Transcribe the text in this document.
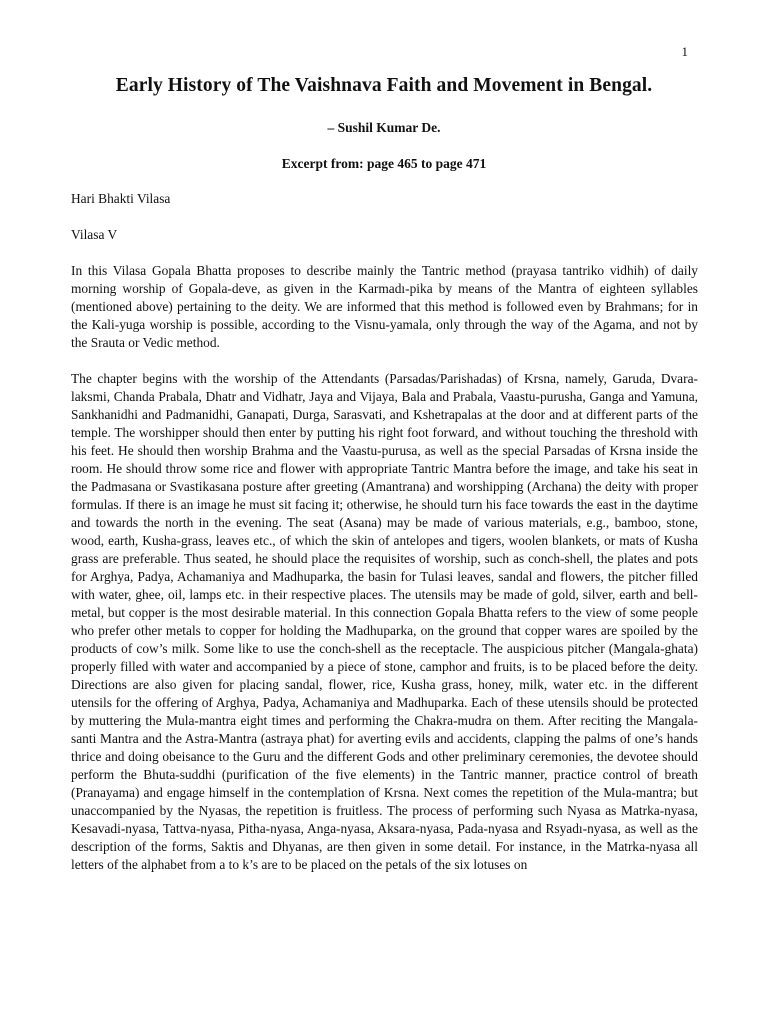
1
Early History of The Vaishnava Faith and Movement in Bengal.
– Sushil Kumar De.
Excerpt from: page 465 to page 471

Hari Bhakti Vilasa

Vilasa V

In this Vilasa Gopala Bhatta proposes to describe mainly the Tantric method (prayasa tantriko vidhih) of daily morning worship of Gopala-deve, as given in the Karmadı-pika by means of the Mantra of eighteen syllables (mentioned above) pertaining to the deity. We are informed that this method is followed even by Brahmans; for in the Kali-yuga worship is possible, according to the Visnu-yamala, only through the way of the Agama, and not by the Srauta or Vedic method.

The chapter begins with the worship of the Attendants (Parsadas/Parishadas) of Krsna, namely, Garuda, Dvara-laksmi, Chanda Prabala, Dhatr and Vidhatr, Jaya and Vijaya, Bala and Prabala, Vaastu-purusha, Ganga and Yamuna, Sankhanidhi and Padmanidhi, Ganapati, Durga, Sarasvati, and Kshetrapalas at the door and at different parts of the temple. The worshipper should then enter by putting his right foot forward, and without touching the threshold with his feet. He should then worship Brahma and the Vaastu-purusa, as well as the special Parsadas of Krsna inside the room. He should throw some rice and flower with appropriate Tantric Mantra before the image, and take his seat in the Padmasana or Svastikasana posture after greeting (Amantrana) and worshipping (Archana) the deity with proper formulas. If there is an image he must sit facing it; otherwise, he should turn his face towards the east in the daytime and towards the north in the evening. The seat (Asana) may be made of various materials, e.g., bamboo, stone, wood, earth, Kusha-grass, leaves etc., of which the skin of antelopes and tigers, woolen blankets, or mats of Kusha grass are preferable. Thus seated, he should place the requisites of worship, such as conch-shell, the plates and pots for Arghya, Padya, Achamaniya and Madhuparka, the basin for Tulasi leaves, sandal and flowers, the pitcher filled with water, ghee, oil, lamps etc. in their respective places. The utensils may be made of gold, silver, earth and bell-metal, but copper is the most desirable material. In this connection Gopala Bhatta refers to the view of some people who prefer other metals to copper for holding the Madhuparka, on the ground that copper wares are spoiled by the products of cow’s milk. Some like to use the conch-shell as the receptacle. The auspicious pitcher (Mangala-ghata) properly filled with water and accompanied by a piece of stone, camphor and fruits, is to be placed before the deity. Directions are also given for placing sandal, flower, rice, Kusha grass, honey, milk, water etc. in the different utensils for the offering of Arghya, Padya, Achamaniya and Madhuparka. Each of these utensils should be protected by muttering the Mula-mantra eight times and performing the Chakra-mudra on them. After reciting the Mangala-santi Mantra and the Astra-Mantra (astraya phat) for averting evils and accidents, clapping the palms of one’s hands thrice and doing obeisance to the Guru and the different Gods and other preliminary ceremonies, the devotee should perform the Bhuta-suddhi (purification of the five elements) in the Tantric manner, practice control of breath (Pranayama) and engage himself in the contemplation of Krsna. Next comes the repetition of the Mula-mantra; but unaccompanied by the Nyasas, the repetition is fruitless. The process of performing such Nyasa as Matrka-nyasa, Kesavadi-nyasa, Tattva-nyasa, Pitha-nyasa, Anga-nyasa, Aksara-nyasa, Pada-nyasa and Rsyadı-nyasa, as well as the description of the forms, Saktis and Dhyanas, are then given in some detail. For instance, in the Matrka-nyasa all letters of the alphabet from a to k’s are to be placed on the petals of the six lotuses on
